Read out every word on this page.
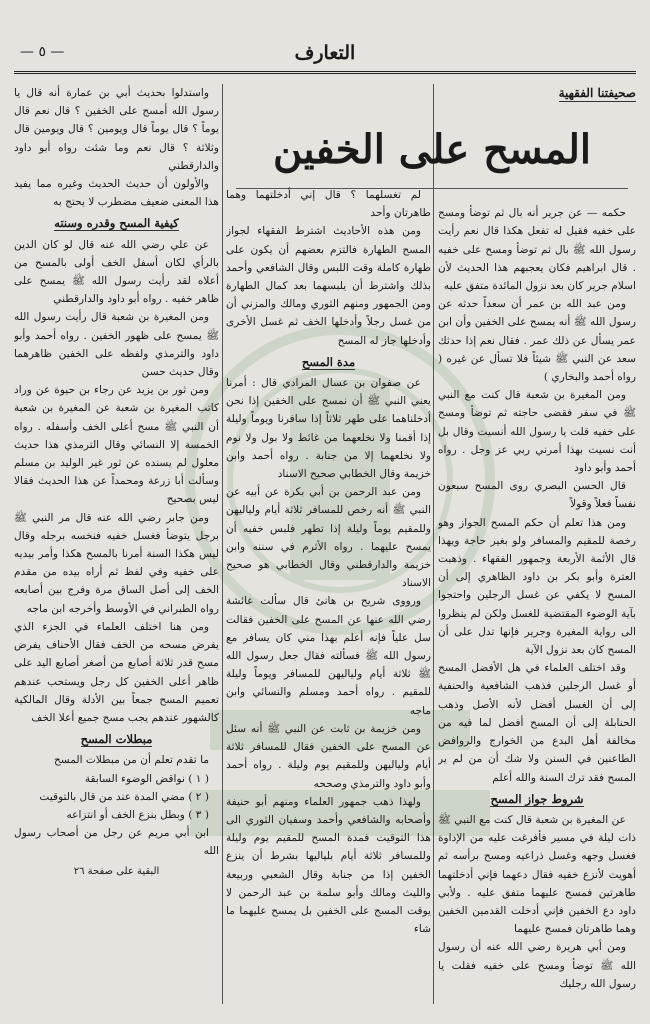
التعارف
— ٥ —
المسح على الخفين
صحيفتنا الفقهية

حكمه — عن جرير أنه بال ثم توضأ ومسح على خفيه فقيل له تفعل هكذا قال نعم رأيت رسول الله ﷺ بال ثم توضأ ومسح على خفيه . قال ابراهيم فكان يعجبهم هذا الحديث لأن اسلام جرير كان بعد نزول المائدة متفق عليه

ومن عبد الله بن عمر أن سعداً حدثه عن رسول الله ﷺ أنه يمسح على الخفين وأن ابن عمر يسأل عن ذلك عمر . فقال نعم إذا حدثك سعد عن النبي ﷺ شيئاً فلا تسأل عن غيره ( رواه أحمد والبخاري )

ومن المغيرة بن شعبة قال كنت مع النبي ﷺ في سفر فقضى حاجته ثم توضأ ومسح على خفيه قلت يا رسول الله أنسيت وقال بل أنت نسيت بهذا أمرني ربي عز وجل . رواه أحمد وأبو داود

قال الحسن البصري روى المسح سبعون نفساً فعلاً وقولاً

ومن هذا تعلم أن حكم المسح الجواز وهو رخصة للمقيم والمسافر ولو بغير حاجة ويهذا قال الأئمة الأربعة وجمهور الفقهاء . وذهبت العترة وأبو بكر بن داود الظاهري إلى أن المسح لا يكفي عن غسل الرجلين واحتجوا بآية الوضوء المقتضية للغسل ولكن لم ينظروا الى رواية المغيرة وجرير فإنها تدل على أن المسح كان بعد نزول الآية

وقد اختلف العلماء في هل الأفضل المسح أو غسل الرجلين فذهب الشافعية والحنفية إلى أن الغسل أفضل لأنه الأصل وذهب الحنابلة إلى أن المسح أفضل لما فيه من مخالفة أهل البدع من الخوارج والروافض الطاعنين في السنن ولا شك أن من لم ير المسح فقد ترك السنة والله أعلم

شروط جواز المسح

عن المغيرة بن شعبة قال كنت مع النبي ﷺ ذات ليلة في مسير فأفرغت عليه من الإداوة فغسل وجهه وغسل ذراعيه ومسح برأسه ثم أهويت لأنزع خفيه فقال دعهما فإني أدخلتهما طاهرتين فمسح عليهما متفق عليه . ولأبي داود دع الخفين فإني أدخلت القدمين الخفين وهما طاهرتان فمسح عليهما

ومن أبي هريرة رضي الله عنه أن رسول الله ﷺ توضأ ومسح على خفيه فقلت يا رسول الله رجليك

لم تغسلهما ؟ قال إني أدخلتهما وهما طاهرتان وأحد

ومن هذه الأحاديث اشترط الفقهاء لجواز المسح الطهارة فالتزم بعضهم أن يكون على طهارة كاملة وقت اللبس وقال الشافعي وأحمد بذلك واشترط أن يلبسهما بعد كمال الطهارة ومن الجمهور ومنهم الثوري ومالك والمزني أن من غسل رجلاً وأدخلها الخف ثم غسل الأخرى وأدخلها جاز له المسح

مدة المسح

عن صفوان بن عسال المرادي قال : أمرنا يعني النبي ﷺ أن نمسح على الخفين إذا نحن أدخلناهما على طهر ثلاثاً إذا سافرنا ويوماً وليلة إذا أقمنا ولا نخلعهما من غائط ولا بول ولا نوم ولا نخلعهما إلا من جنابة . رواه أحمد وابن خزيمة وقال الخطابي صحيح الاسناد

ومن عبد الرحمن بن أبي بكرة عن أبيه عن النبي ﷺ أنه رخص للمسافر ثلاثة أيام ولياليهن وللمقيم يوماً وليلة إذا تطهر فلبس خفيه أن يمسح عليهما . رواه الأثرم في سننه وابن خزيمة والدارقطني وقال الخطابي هو صحيح الاسناد

ورووى شريح بن هانئ قال سألت عائشة رضي الله عنها عن المسح على الخفين فقالت سل علياً فإنه أعلم بهذا مني كان يسافر مع رسول الله ﷺ فسألته فقال جعل رسول الله ﷺ ثلاثة أيام ولياليهن للمسافر ويوماً وليلة للمقيم . رواه أحمد ومسلم والنسائي وابن ماجه

ومن خزيمة بن ثابت عن النبي ﷺ أنه سئل عن المسح على الخفين فقال للمسافر ثلاثة أيام ولياليهن وللمقيم يوم وليلة . رواه أحمد وأبو داود والترمذي وصححه

ولهذا ذهب جمهور العلماء ومنهم أبو حنيفة وأصحابه والشافعي وأحمد وسفيان الثوري الى هذا التوقيت فمدة المسح للمقيم يوم وليلة وللمسافر ثلاثة أيام بلياليها بشرط أن ينزع الخفين إذا من جنابة وقال الشعبي وربيعة والليث ومالك وأبو سلمة بن عبد الرحمن لا يوقت المسح على الخفين بل يمسح عليهما ما شاء

واستدلوا بحديث أبي بن عمارة أنه قال يا رسول الله أمسح على الخفين ؟ قال نعم قال يوماً ؟ قال يوماً قال ويومين ؟ قال ويومين قال وثلاثة ؟ قال نعم وما شئت رواه أبو داود والدارقطني

والأولون أن حديث الحديث وغيره مما يفيد هذا المعنى ضعيف مضطرب لا يحتج به

كيفية المسح وقدره وسنته

عن علي رضي الله عنه قال لو كان الدين بالرأي لكان أسفل الخف أولى بالمسح من أعلاه لقد رأيت رسول الله ﷺ يمسح على ظاهر خفيه . رواه أبو داود والدارقطني

ومن المغيرة بن شعبة قال رأيت رسول الله ﷺ يمسح على ظهور الخفين . رواه أحمد وأبو داود والترمذي ولفظه على الخفين ظاهرهما وقال حديث حسن

ومن ثور بن يزيد عن رجاء بن حيوة عن وراد كاتب المغيرة بن شعبة عن المغيرة بن شعبة أن النبي ﷺ مسح أعلى الخف وأسفله . رواه الخمسة إلا النسائي وقال الترمذي هذا حديث معلول لم يسنده عن ثور غير الوليد بن مسلم وسألت أبا زرعة ومحمداً عن هذا الحديث فقالا ليس بصحيح

ومن جابر رضي الله عنه قال مر النبي ﷺ برجل يتوضأ فغسل خفيه فنخسه برجله وقال ليس هكذا السنة أمرنا بالمسح هكذا وأمر بيديه على خفيه وفي لفظ ثم أراه بيده من مقدم الخف إلى أصل الساق مرة وفرج بين أصابعه رواه الطبراني في الأوسط وأخرجه ابن ماجه

ومن هنا اختلف العلماء في الجزء الذي يفرض مسحه من الخف فقال الأحناف يفرض مسح قدر ثلاثة أصابع من أصغر أصابع اليد على ظاهر أعلى الخفين كل رجل ويستحب عندهم تعميم المسح جمعاً بين الأدلة وقال المالكية كالشهور عندهم يجب مسح جميع أعلا الخف

مبطلات المسح

ما تقدم تعلم أن من مبطلات المسح

( ١ ) نواقض الوضوء السابقة

( ٢ ) مضي المدة عند من قال بالتوقيت

( ٣ ) وبطل بنزع الخف أو انتزاعه

ابن أبي مريم عن رجل من أصحاب رسول الله

البقية على صفحة ٢٦
